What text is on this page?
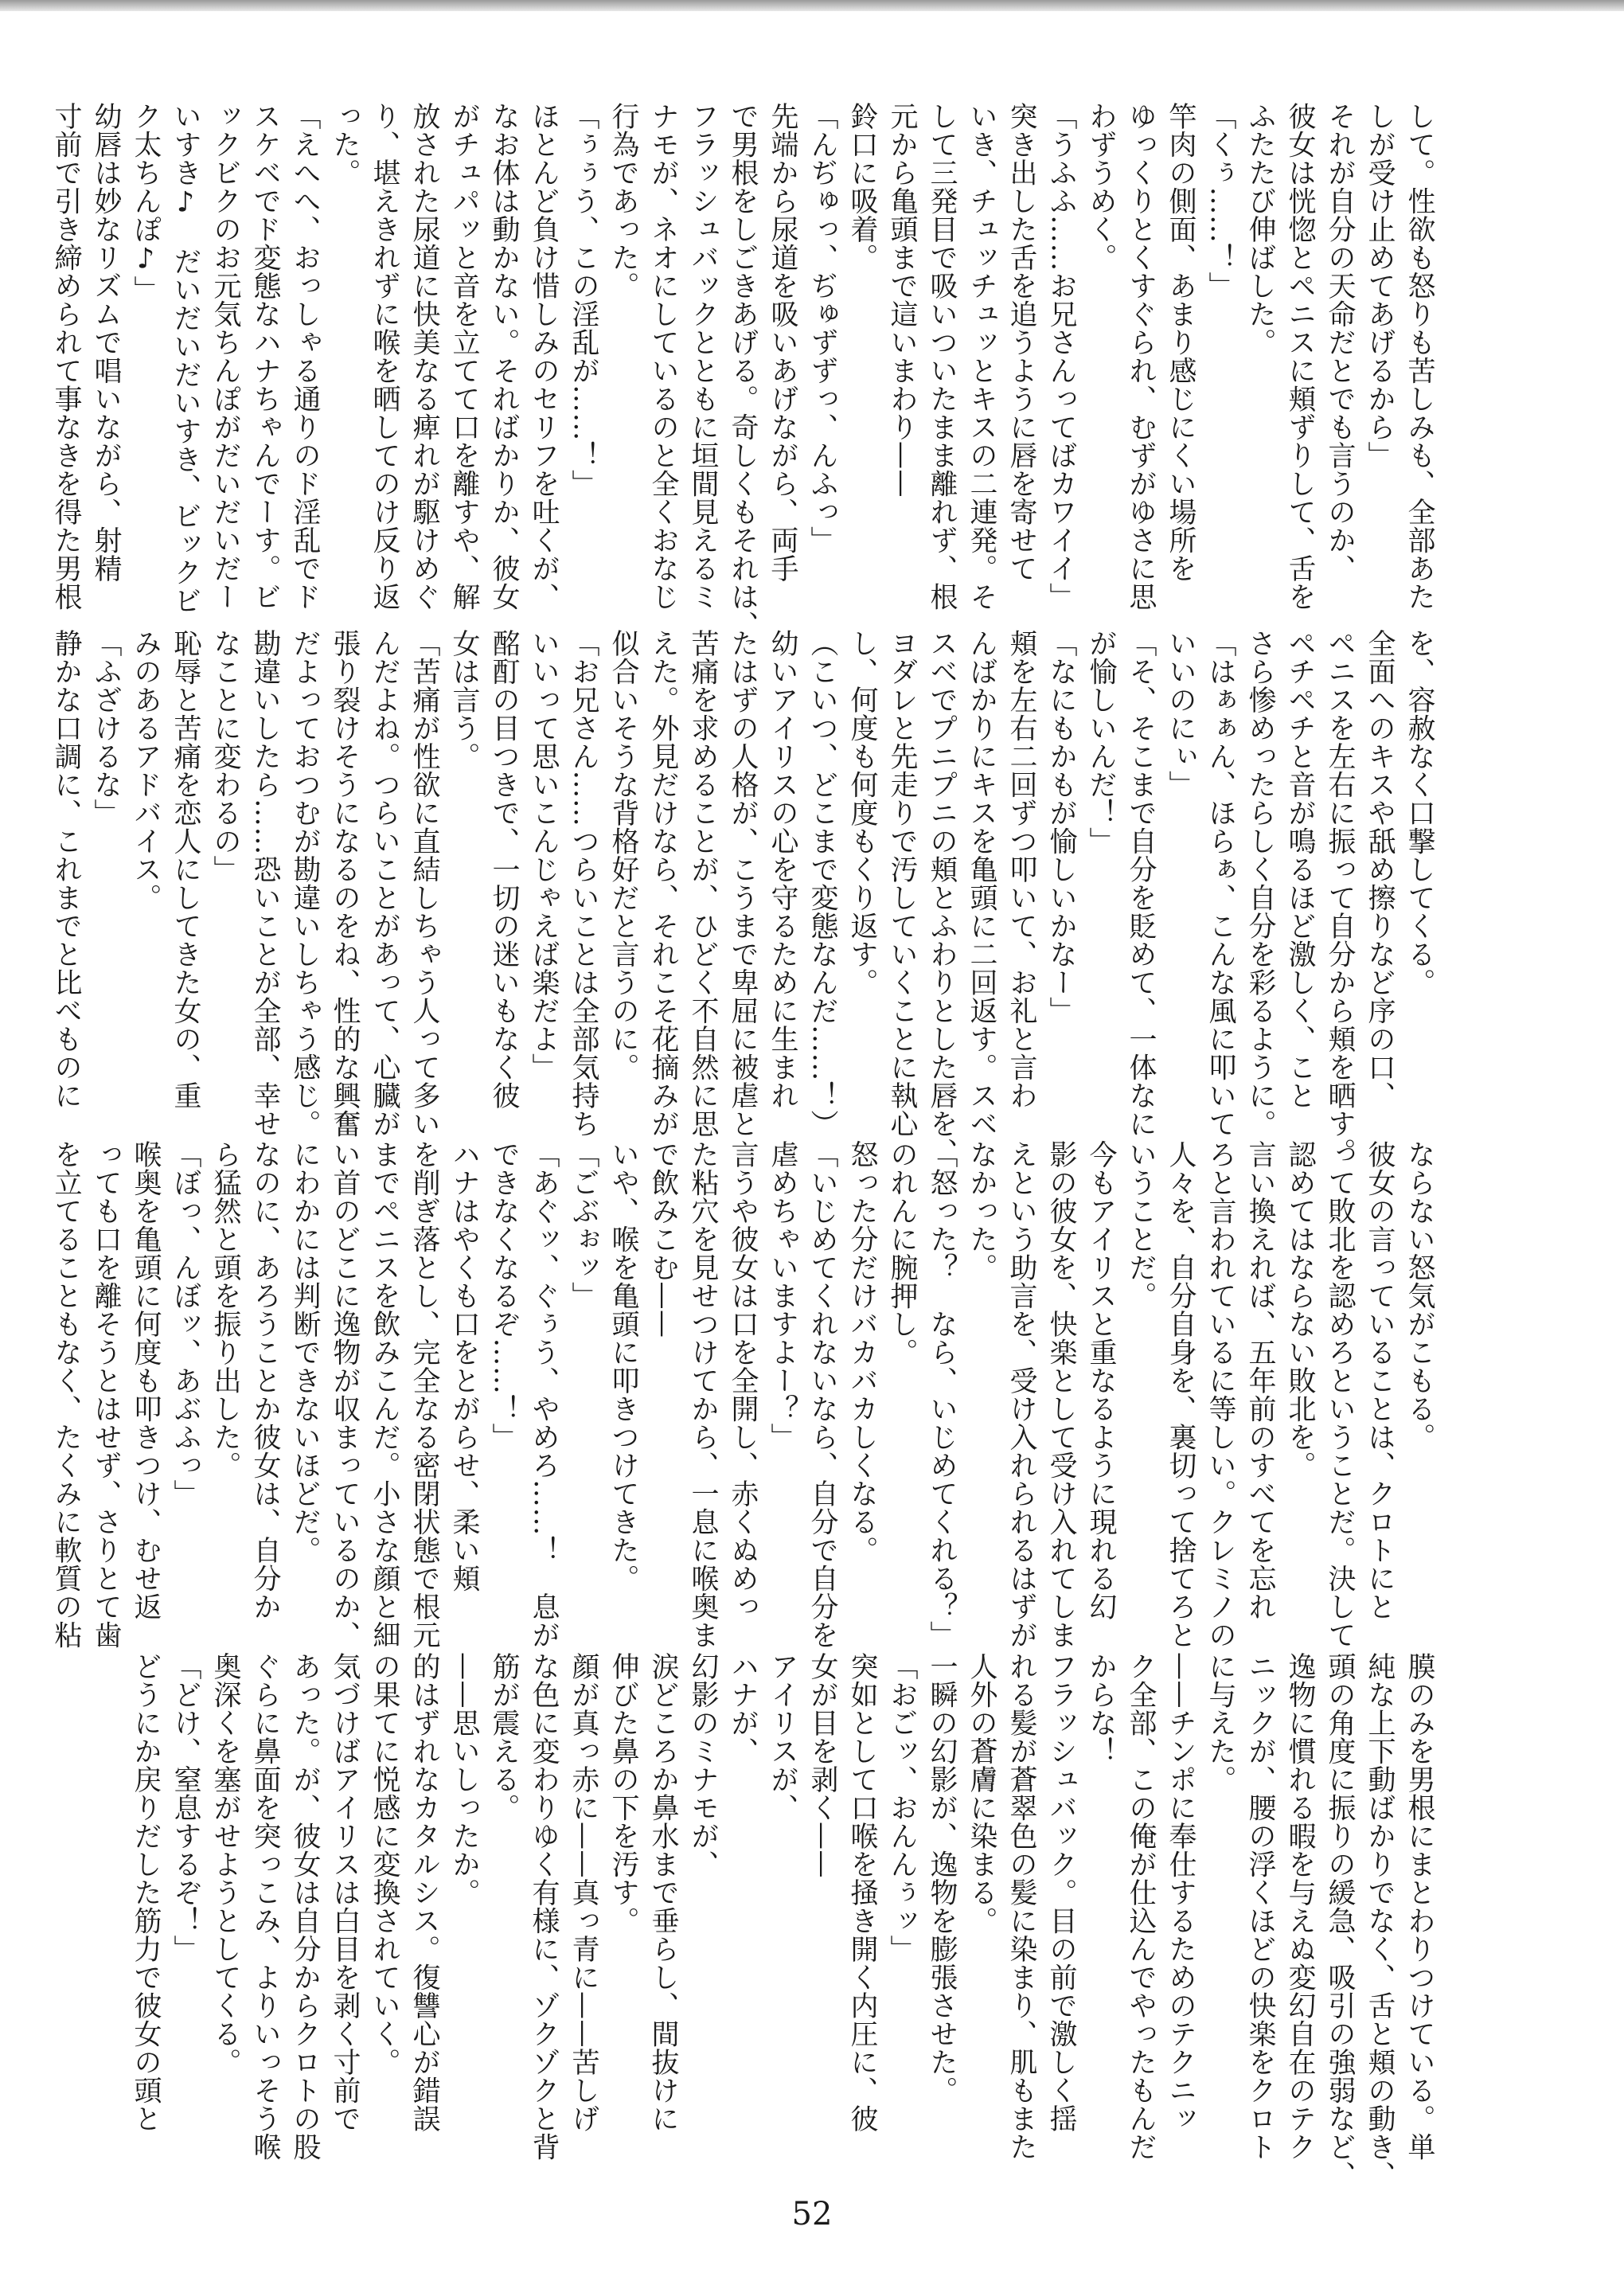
して。性欲も怒りも苦しみも、全部あた
しが受け止めてあげるから」
それが自分の天命だとでも言うのか、
彼女は恍惚とペニスに頬ずりして、舌を
ふたたび伸ばした。
「くぅ……！」
竿肉の側面、あまり感じにくい場所を
ゆっくりとくすぐられ、むずがゆさに思
わずうめく。
「うふふ……お兄さんってばカワイイ」
突き出した舌を追うように唇を寄せて
いき、チュッチュッとキスの二連発。そ
して三発目で吸いついたまま離れず、根
元から亀頭まで這いまわり——
鈴口に吸着。
「んぢゅっ、ぢゅずずっ、んふっ」
先端から尿道を吸いあげながら、両手
で男根をしごきあげる。奇しくもそれは、
フラッシュバックとともに垣間見えるミ
ナモが、ネオにしているのと全くおなじ
行為であった。
「ぅぅう、この淫乱が……！」
ほとんど負け惜しみのセリフを吐くが、
なお体は動かない。そればかりか、彼女
がチュパッと音を立てて口を離すや、解
放された尿道に快美なる痺れが駆けめぐ
り、堪えきれずに喉を晒してのけ反り返
った。
「えへへ、おっしゃる通りのド淫乱でド
スケベでド変態なハナちゃんでーす。ビ
ックビクのお元気ちんぽがだいだいだー
いすき♪　だいだいだいすき、ビックビ
ク太ちんぽ♪」
幼唇は妙なリズムで唱いながら、射精
寸前で引き締められて事なきを得た男根
を、容赦なく口撃してくる。
全面へのキスや舐め擦りなど序の口、
ペニスを左右に振って自分から頬を晒す。
ペチペチと音が鳴るほど激しく、こと
さら惨めったらしく自分を彩るように。
「はぁぁん、ほらぁ、こんな風に叩いて
いいのにぃ」
「そ、そこまで自分を貶めて、一体なに
が愉しいんだ！」
「なにもかもが愉しいかなー」
頬を左右二回ずつ叩いて、お礼と言わ
んばかりにキスを亀頭に二回返す。スベ
スベでプニプニの頬とふわりとした唇を、
ヨダレと先走りで汚していくことに執心
し、何度も何度もくり返す。
（こいつ、どこまで変態なんだ……！）
幼いアイリスの心を守るために生まれ
たはずの人格が、こうまで卑屈に被虐と
苦痛を求めることが、ひどく不自然に思
えた。外見だけなら、それこそ花摘みが
似合いそうな背格好だと言うのに。
「お兄さん……つらいことは全部気持ち
いいって思いこんじゃえば楽だよ」
酩酊の目つきで、一切の迷いもなく彼
女は言う。
「苦痛が性欲に直結しちゃう人って多い
んだよね。つらいことがあって、心臓が
張り裂けそうになるのをね、性的な興奮
だよっておつむが勘違いしちゃう感じ。
勘違いしたら……恐いことが全部、幸せ
なことに変わるの」
恥辱と苦痛を恋人にしてきた女の、重
みのあるアドバイス。
「ふざけるな」
静かな口調に、これまでと比べものに
ならない怒気がこもる。
彼女の言っていることは、クロトにと
って敗北を認めろということだ。決して
認めてはならない敗北を。
言い換えれば、五年前のすべてを忘れ
ろと言われているに等しい。クレミノの
人々を、自分自身を、裏切って捨てろと
いうことだ。
今もアイリスと重なるように現れる幻
影の彼女を、快楽として受け入れてしま
えという助言を、受け入れられるはずが
なかった。
「怒った？　なら、いじめてくれる？」
のれんに腕押し。
怒った分だけバカバカしくなる。
「いじめてくれないなら、自分で自分を
虐めちゃいますよー？」
言うや彼女は口を全開し、赤くぬめっ
た粘穴を見せつけてから、一息に喉奥ま
で飲みこむ——
いや、喉を亀頭に叩きつけてきた。
「ごぶぉッ」
「あぐッ、ぐぅう、やめろ……！　息が
できなくなるぞ……！」
ハナはやくも口をとがらせ、柔い頬
を削ぎ落とし、完全なる密閉状態で根元
までペニスを飲みこんだ。小さな顔と細
い首のどこに逸物が収まっているのか、
にわかには判断できないほどだ。
なのに、あろうことか彼女は、自分か
ら猛然と頭を振り出した。
「ぼっ、んぼッ、あぶふっ」
喉奥を亀頭に何度も叩きつけ、むせ返
っても口を離そうとはせず、さりとて歯
を立てることもなく、たくみに軟質の粘
膜のみを男根にまとわりつけている。単
純な上下動ばかりでなく、舌と頬の動き、
頭の角度に振りの緩急、吸引の強弱など、
逸物に慣れる暇を与えぬ変幻自在のテク
ニックが、腰の浮くほどの快楽をクロト
に与えた。
——チンポに奉仕するためのテクニッ
ク全部、この俺が仕込んでやったもんだ
からな！
フラッシュバック。目の前で激しく揺
れる髪が蒼翠色の髪に染まり、肌もまた
人外の蒼膚に染まる。
一瞬の幻影が、逸物を膨張させた。
「おごッ、おんんぅッ」
突如として口喉を掻き開く内圧に、彼
女が目を剥く——
アイリスが、
ハナが、
幻影のミナモが、
涙どころか鼻水まで垂らし、間抜けに
伸びた鼻の下を汚す。
顔が真っ赤に——真っ青に——苦しげ
な色に変わりゆく有様に、ゾクゾクと背
筋が震える。
——思いしったか。
的はずれなカタルシス。復讐心が錯誤
の果てに悦感に変換されていく。
気づけばアイリスは白目を剥く寸前で
あった。が、彼女は自分からクロトの股
ぐらに鼻面を突っこみ、よりいっそう喉
奥深くを塞がせようとしてくる。
「どけ、窒息するぞ！」
どうにか戻りだした筋力で彼女の頭と
52
